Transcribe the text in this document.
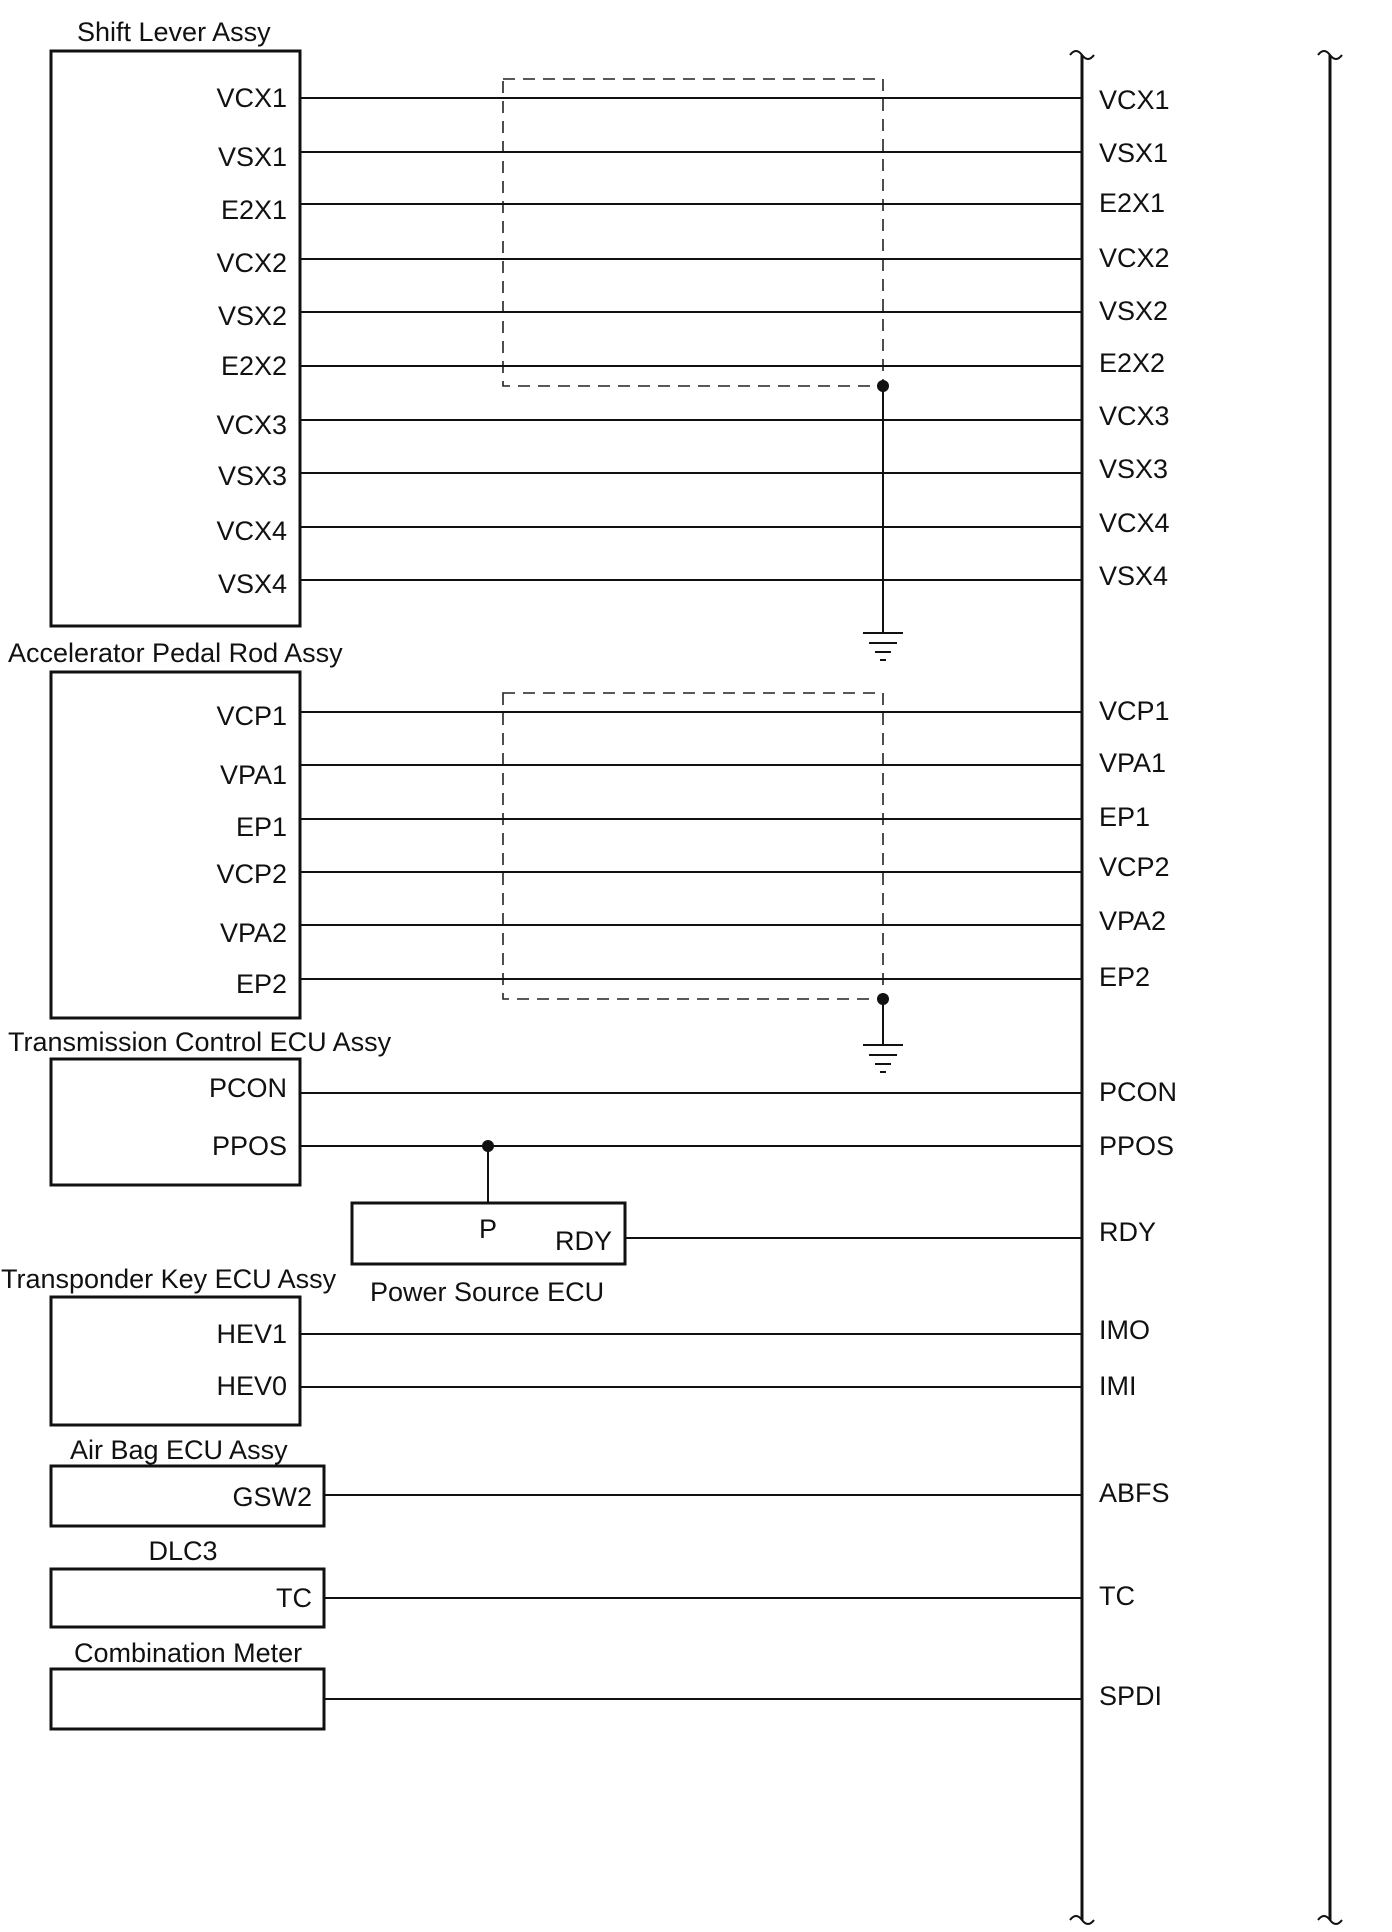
Shift Lever Assy
VCX1
VSX1
E2X1
VCX2
VSX2
E2X2
VCX3
VSX3
VCX4
VSX4
Accelerator Pedal Rod Assy
VCP1
VPA1
EP1
VCP2
VPA2
EP2
Transmission Control ECU Assy
PCON
PPOS
P RDY
Power Source ECU
Transponder Key ECU Assy
HEV1
HEV0
Air Bag ECU Assy
GSW2
DLC3
TC
Combination Meter
VCX1
VSX1
E2X1
VCX2
VSX2
E2X2
VCX3
VSX3
VCX4
VSX4
VCP1
VPA1
EP1
VCP2
VPA2
EP2
PCON
PPOS
RDY
IMO
IMI
ABFS
TC
SPDI
